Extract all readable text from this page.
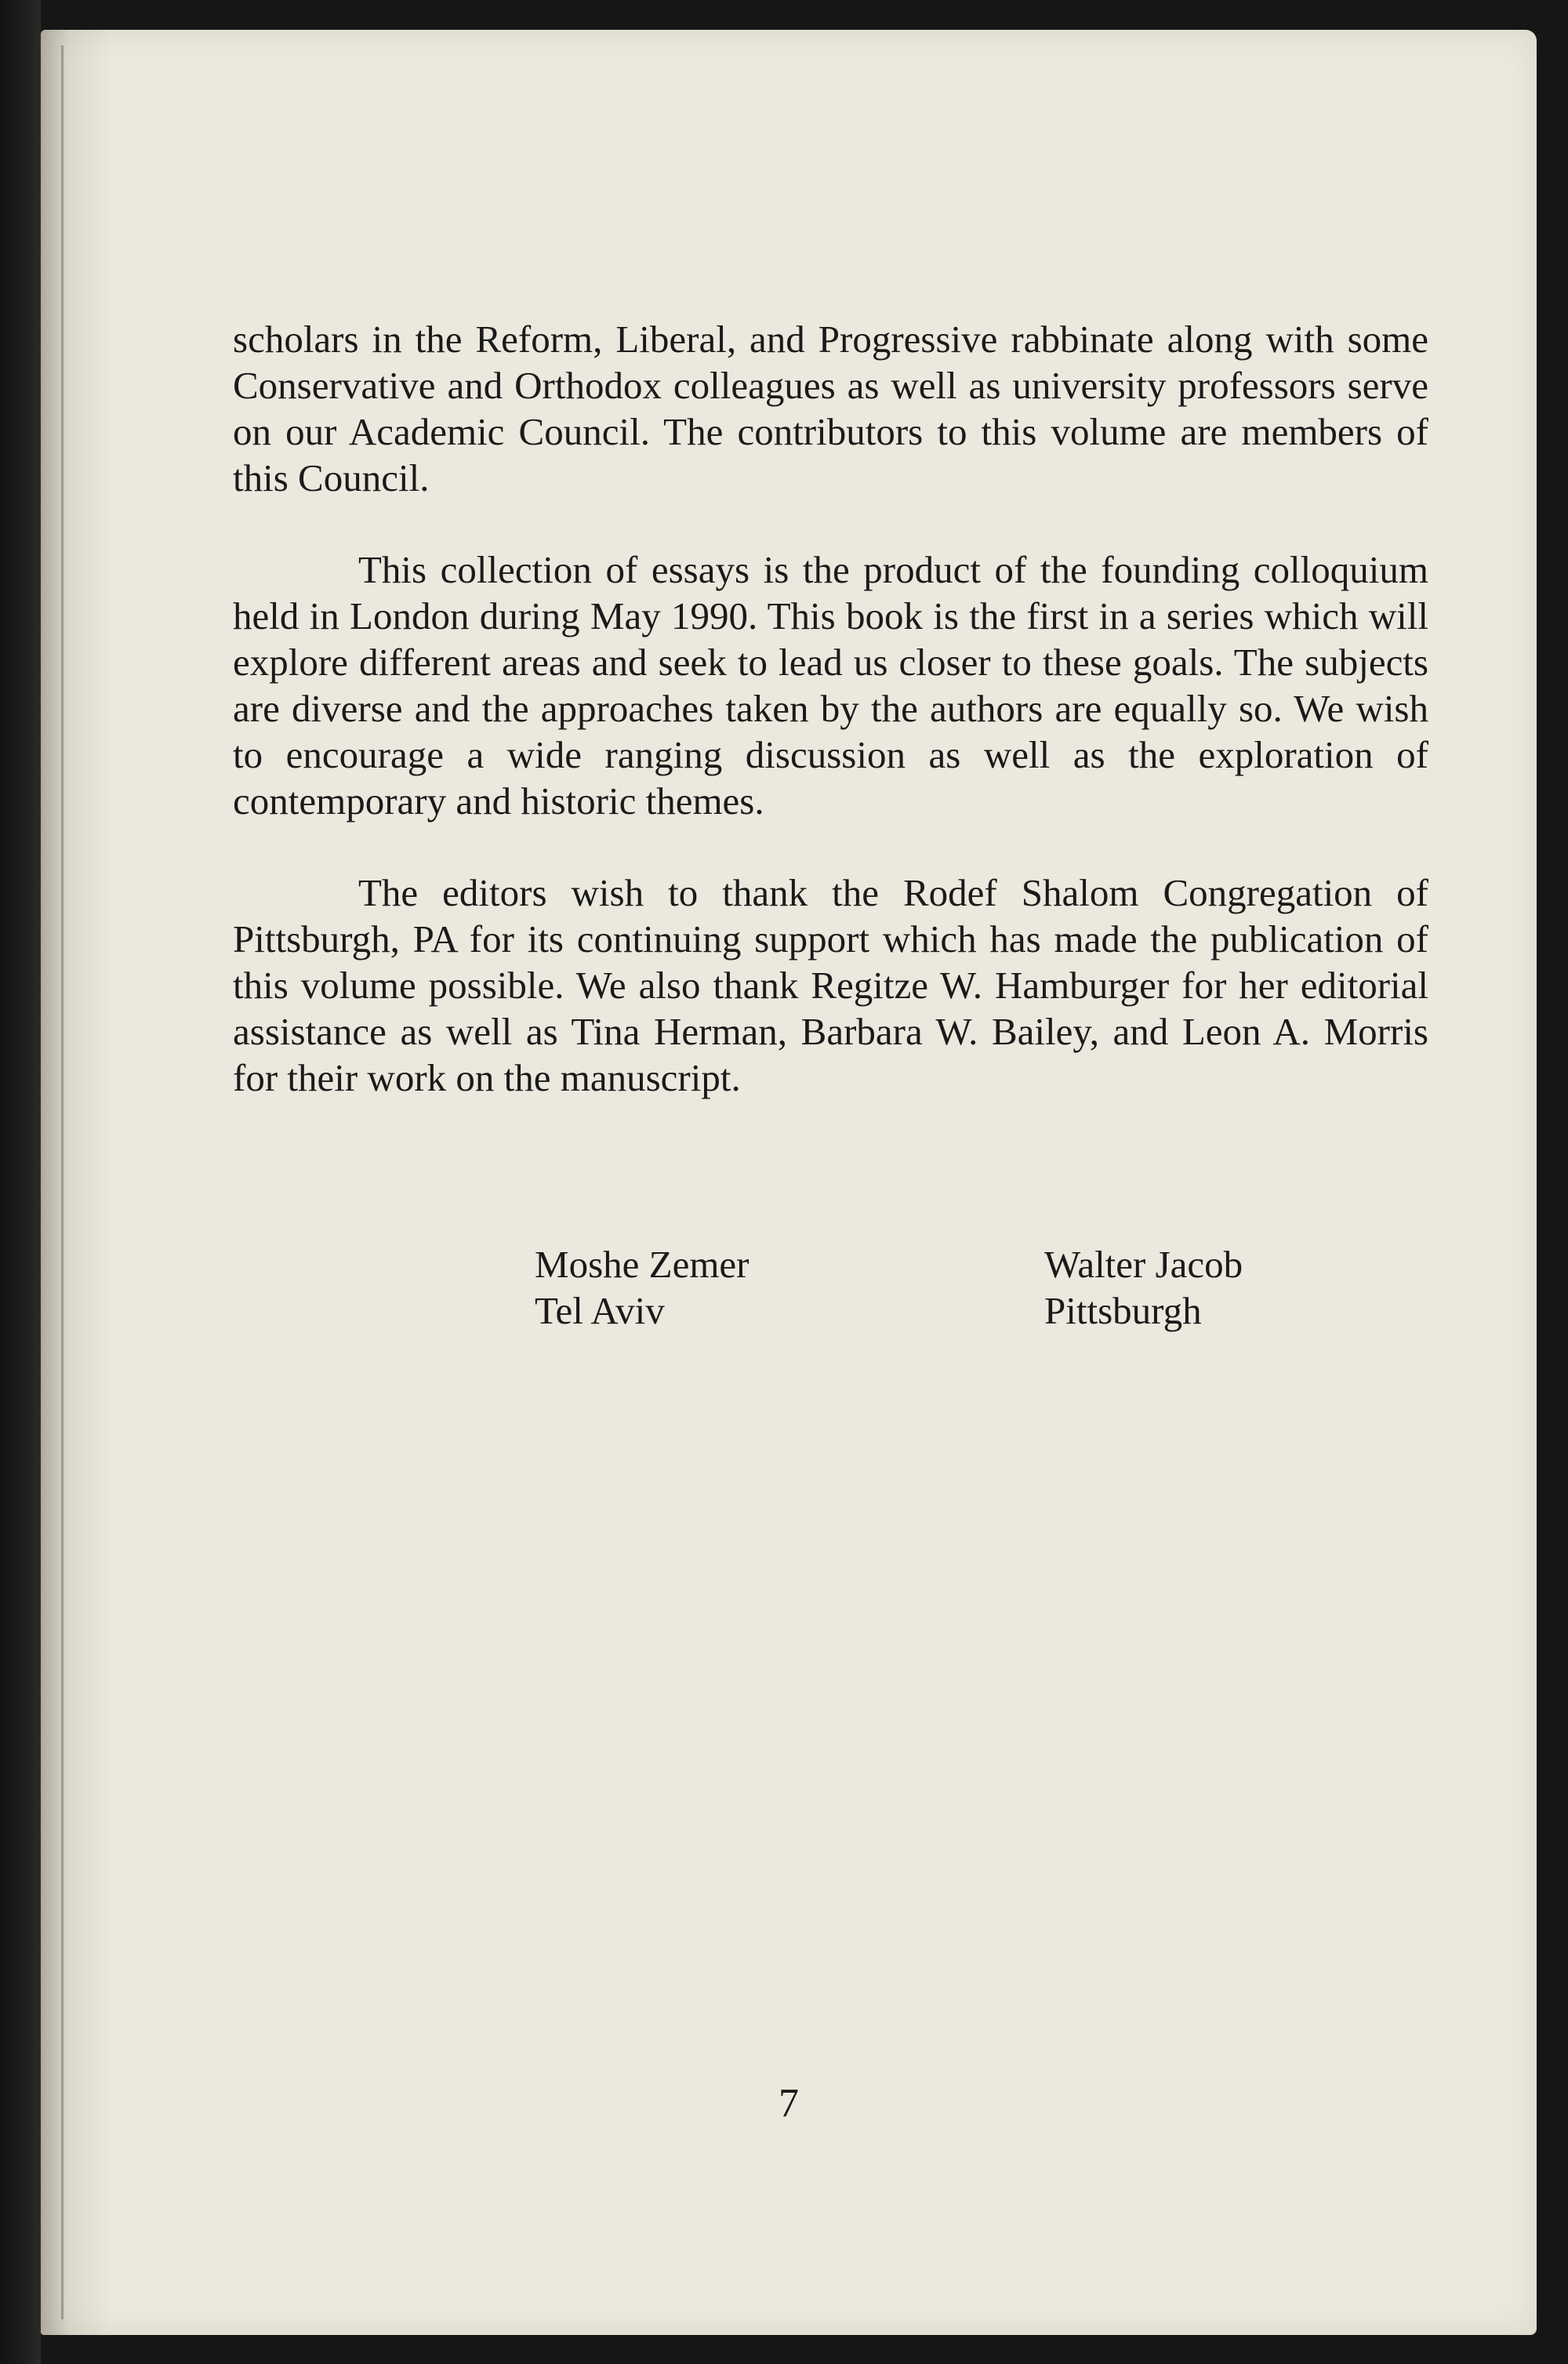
scholars in the Reform, Liberal, and Progressive rabbinate along with some Conservative and Orthodox colleagues as well as university professors serve on our Academic Council. The contributors to this volume are members of this Council.

This collection of essays is the product of the founding colloquium held in London during May 1990. This book is the first in a series which will explore different areas and seek to lead us closer to these goals. The subjects are diverse and the approaches taken by the authors are equally so. We wish to encourage a wide ranging discussion as well as the exploration of contemporary and historic themes.

The editors wish to thank the Rodef Shalom Congregation of Pittsburgh, PA for its continuing support which has made the publication of this volume possible. We also thank Regitze W. Hamburger for her editorial assistance as well as Tina Herman, Barbara W. Bailey, and Leon A. Morris for their work on the manuscript.

Moshe Zemer
Tel Aviv
Walter Jacob
Pittsburgh
7
